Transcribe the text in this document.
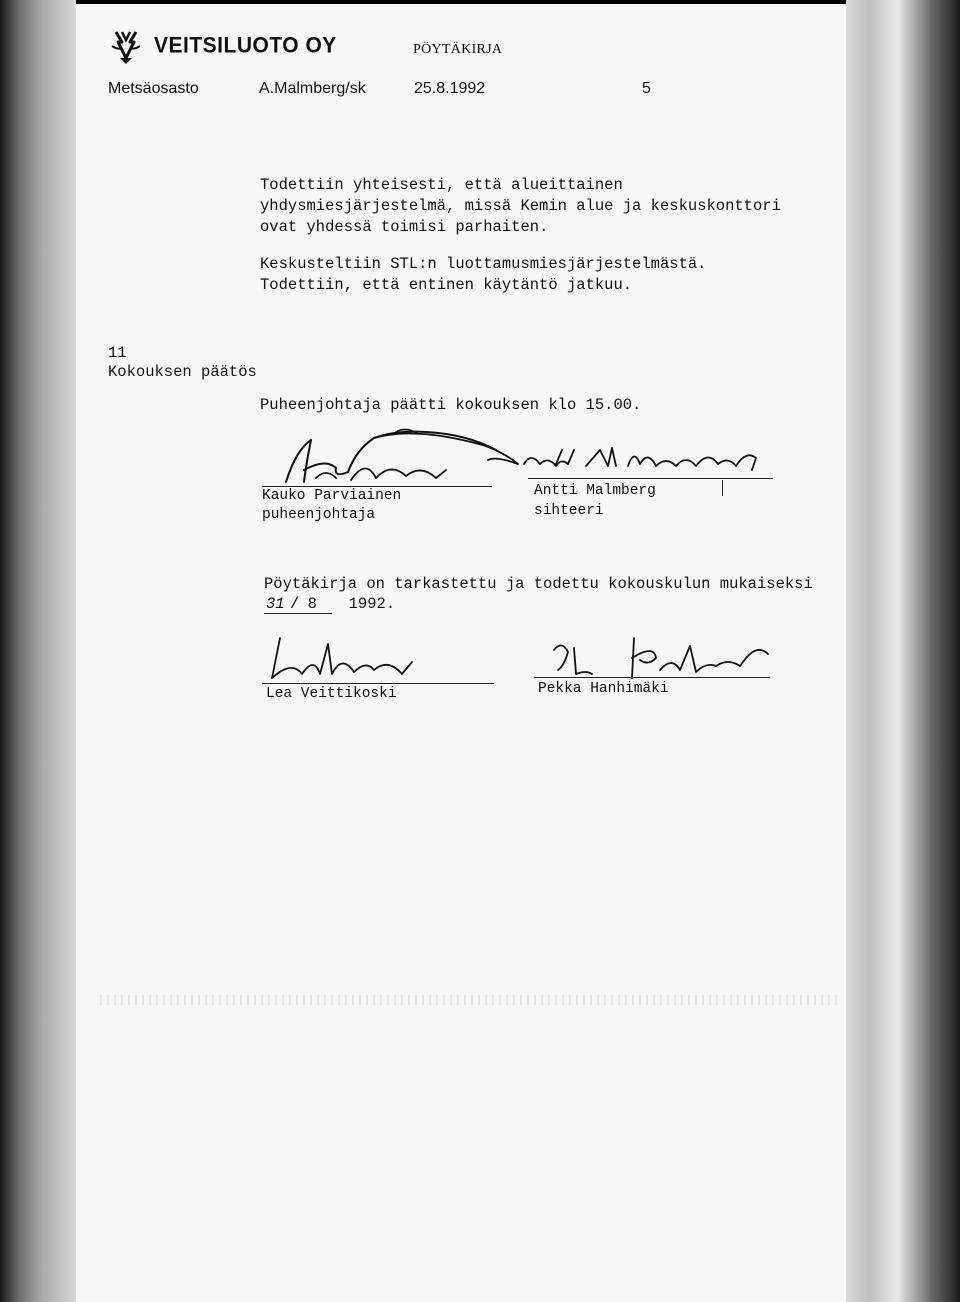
VEITSILUOTO OY	PÖYTÄKIRJA
Metsäosasto	A.Malmberg/sk	25.8.1992	5

Todettiin yhteisesti, että alueittainen yhdysmiesjärjestelmä, missä Kemin alue ja keskuskonttori ovat yhdessä toimisi parhaiten.

Keskusteltiin STL:n luottamusmiesjärjestelmästä. Todettiin, että entinen käytäntö jatkuu.

11
Kokouksen päätös
Puheenjohtaja päätti kokouksen klo 15.00.
Kauko Parviainen
puheenjohtaja
Antti Malmberg
sihteeri
Pöytäkirja on tarkastettu ja todettu kokouskulun mukaiseksi
31 / 8 1992.
Lea Veittikoski	Pekka Hanhimäki
